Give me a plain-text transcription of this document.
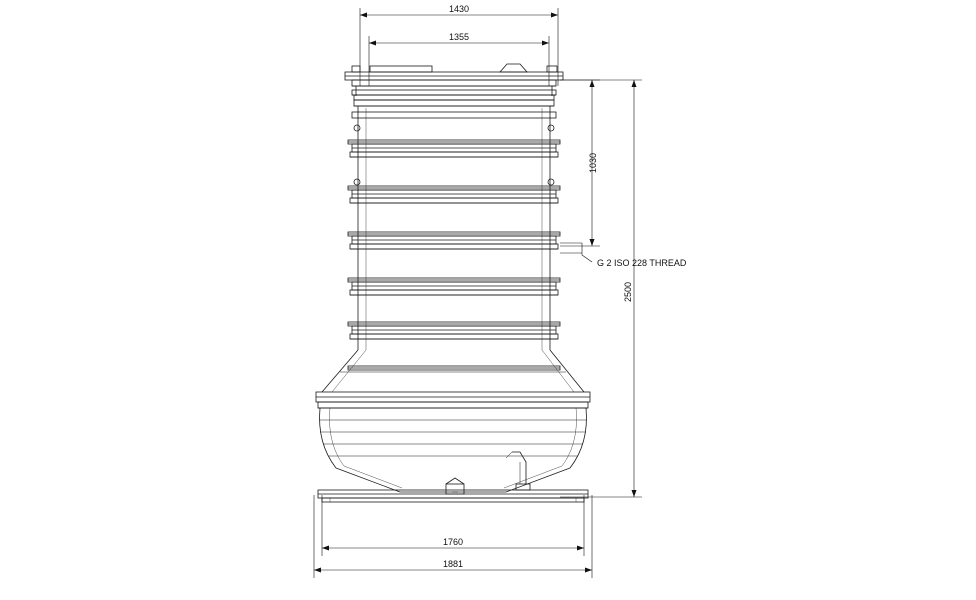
1430
1355
1760
1881
1030
2500
G 2 ISO 228 THREAD
